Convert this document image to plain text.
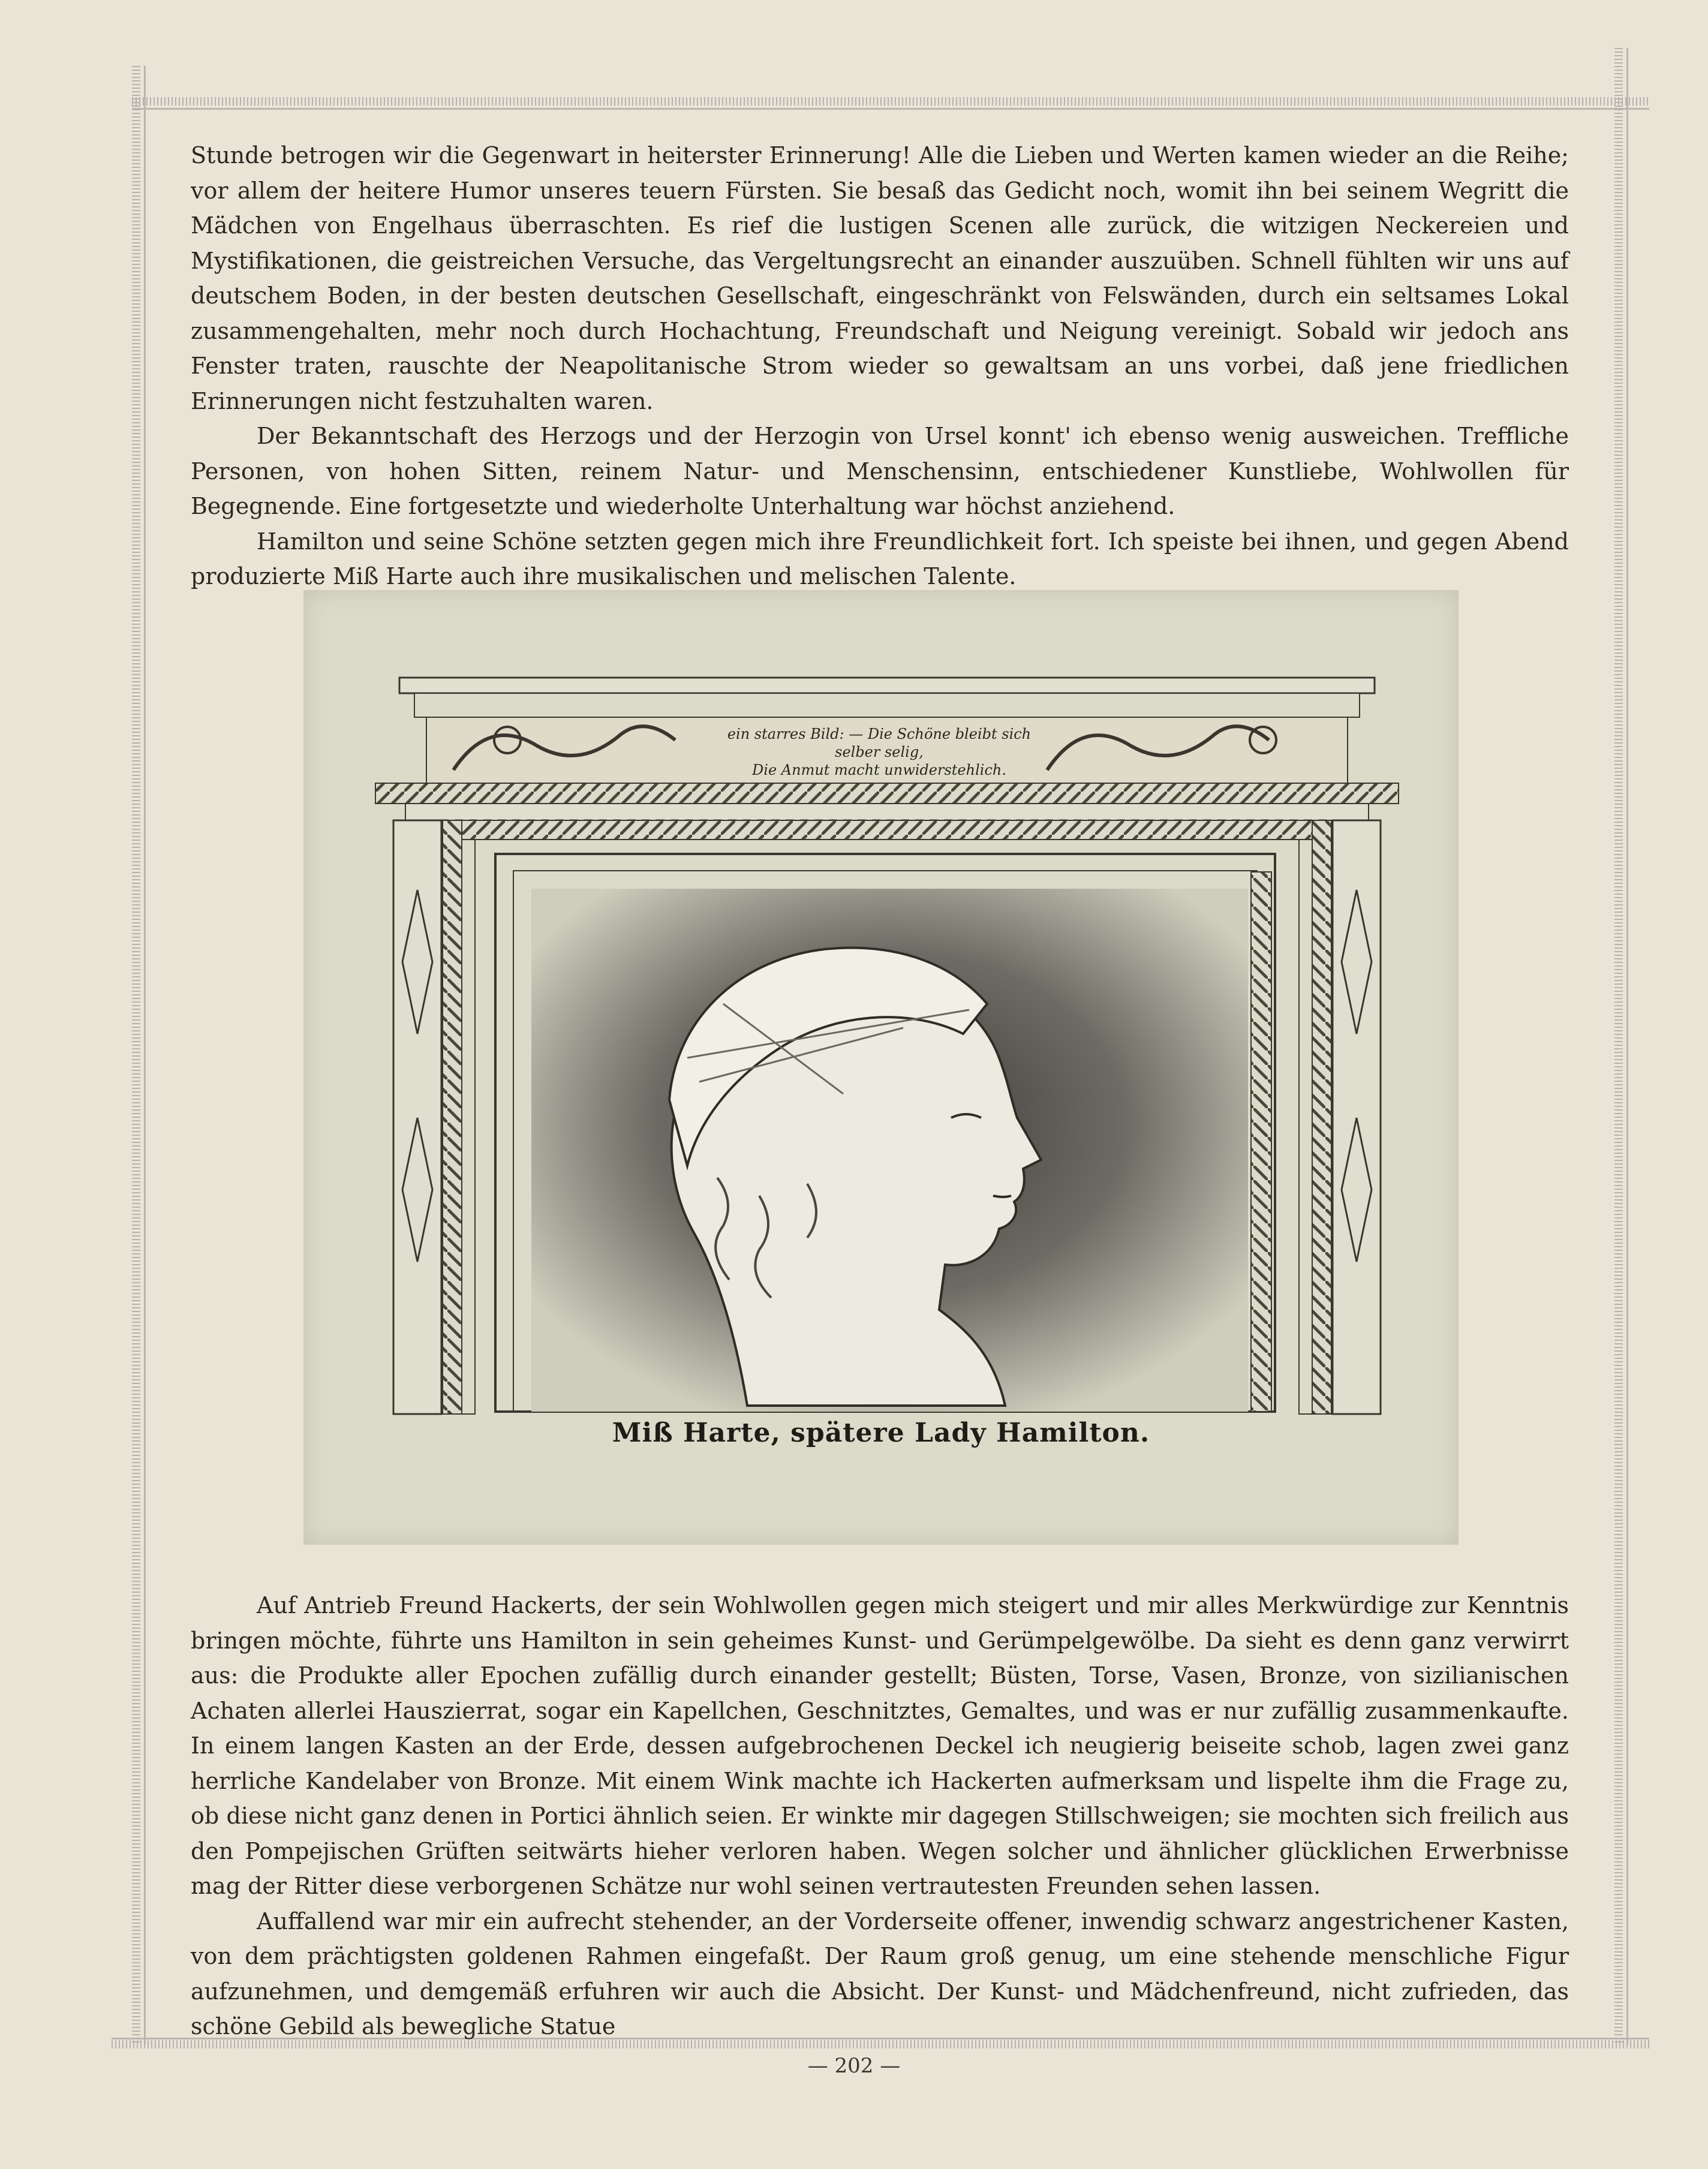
Stunde betrogen wir die Gegenwart in heiterster Erinnerung! Alle die Lieben und Werten kamen wieder an die Reihe; vor allem der heitere Humor unseres teuern Fürsten. Sie besaß das Gedicht noch, womit ihn bei seinem Wegritt die Mädchen von Engelhaus überraschten. Es rief die lustigen Scenen alle zurück, die witzigen Neckereien und Mystifikationen, die geistreichen Versuche, das Vergeltungsrecht an einander auszuüben. Schnell fühlten wir uns auf deutschem Boden, in der besten deutschen Gesellschaft, eingeschränkt von Felswänden, durch ein seltsames Lokal zusammengehalten, mehr noch durch Hochachtung, Freundschaft und Neigung vereinigt. Sobald wir jedoch ans Fenster traten, rauschte der Neapolitanische Strom wieder so gewaltsam an uns vorbei, daß jene friedlichen Erinnerungen nicht festzuhalten waren.

Der Bekanntschaft des Herzogs und der Herzogin von Ursel konnt' ich ebenso wenig ausweichen. Treffliche Personen, von hohen Sitten, reinem Natur- und Menschensinn, entschiedener Kunstliebe, Wohlwollen für Begegnende. Eine fortgesetzte und wiederholte Unterhaltung war höchst anziehend.

Hamilton und seine Schöne setzten gegen mich ihre Freundlichkeit fort. Ich speiste bei ihnen, und gegen Abend produzierte Miß Harte auch ihre musikalischen und melischen Talente.

ein starres Bild: — Die Schöne bleibt sich selber selig,
Die Anmut macht unwiderstehlich.
Miß Harte, spätere Lady Hamilton.

Auf Antrieb Freund Hackerts, der sein Wohlwollen gegen mich steigert und mir alles Merkwürdige zur Kenntnis bringen möchte, führte uns Hamilton in sein geheimes Kunst- und Gerümpelgewölbe. Da sieht es denn ganz verwirrt aus: die Produkte aller Epochen zufällig durch einander gestellt; Büsten, Torse, Vasen, Bronze, von sizilianischen Achaten allerlei Hauszierrat, sogar ein Kapellchen, Geschnitztes, Gemaltes, und was er nur zufällig zusammenkaufte. In einem langen Kasten an der Erde, dessen aufgebrochenen Deckel ich neugierig beiseite schob, lagen zwei ganz herrliche Kandelaber von Bronze. Mit einem Wink machte ich Hackerten aufmerksam und lispelte ihm die Frage zu, ob diese nicht ganz denen in Portici ähnlich seien. Er winkte mir dagegen Stillschweigen; sie mochten sich freilich aus den Pompejischen Grüften seitwärts hieher verloren haben. Wegen solcher und ähnlicher glücklichen Erwerbnisse mag der Ritter diese verborgenen Schätze nur wohl seinen vertrautesten Freunden sehen lassen.

Auffallend war mir ein aufrecht stehender, an der Vorderseite offener, inwendig schwarz angestrichener Kasten, von dem prächtigsten goldenen Rahmen eingefaßt. Der Raum groß genug, um eine stehende menschliche Figur aufzunehmen, und demgemäß erfuhren wir auch die Absicht. Der Kunst- und Mädchenfreund, nicht zufrieden, das schöne Gebild als bewegliche Statue

— 202 —
